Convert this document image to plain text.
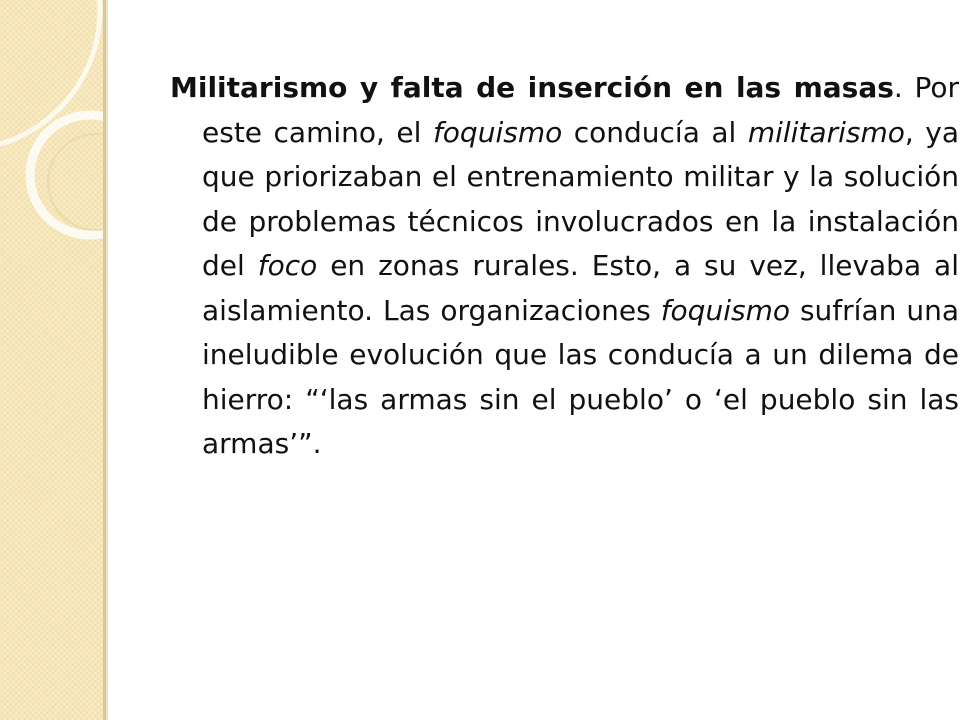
Militarismo y falta de inserción en las masas. Por este camino, el foquismo conducía al militarismo, ya que priorizaban el entrenamiento militar y la solución de problemas técnicos involucrados en la instalación del foco en zonas rurales. Esto, a su vez, llevaba al aislamiento. Las organizaciones foquismo sufrían una ineludible evolución que las conducía a un dilema de hierro: “‘las armas sin el pueblo’ o ‘el pueblo sin las armas’”.
